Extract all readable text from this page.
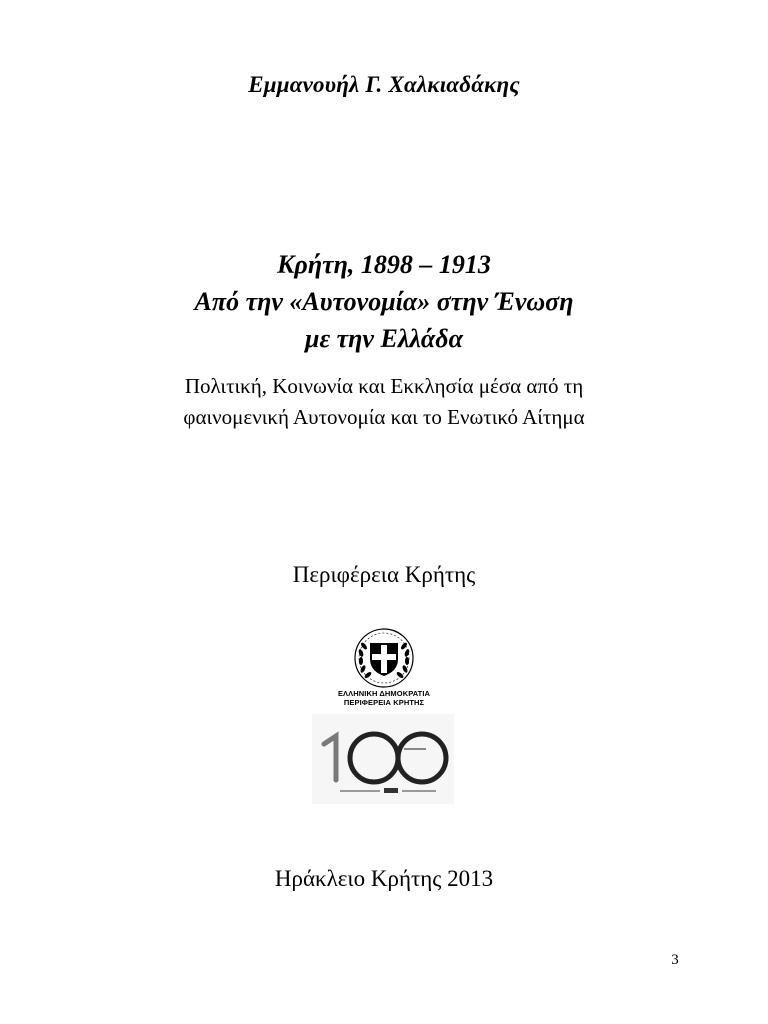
Εμμανουήλ Γ. Χαλκιαδάκης
Κρήτη, 1898 – 1913
Από την «Αυτονομία» στην Ένωση
με την Ελλάδα
Πολιτική, Κοινωνία και Εκκλησία μέσα από τη
φαινομενική Αυτονομία και το Ενωτικό Αίτημα
Περιφέρεια Κρήτης
ΕΛΛΗΝΙΚΗ ΔΗΜΟΚΡΑΤΙΑ
ΠΕΡΙΦΕΡΕΙΑ ΚΡΗΤΗΣ
Ηράκλειο Κρήτης 2013
3
